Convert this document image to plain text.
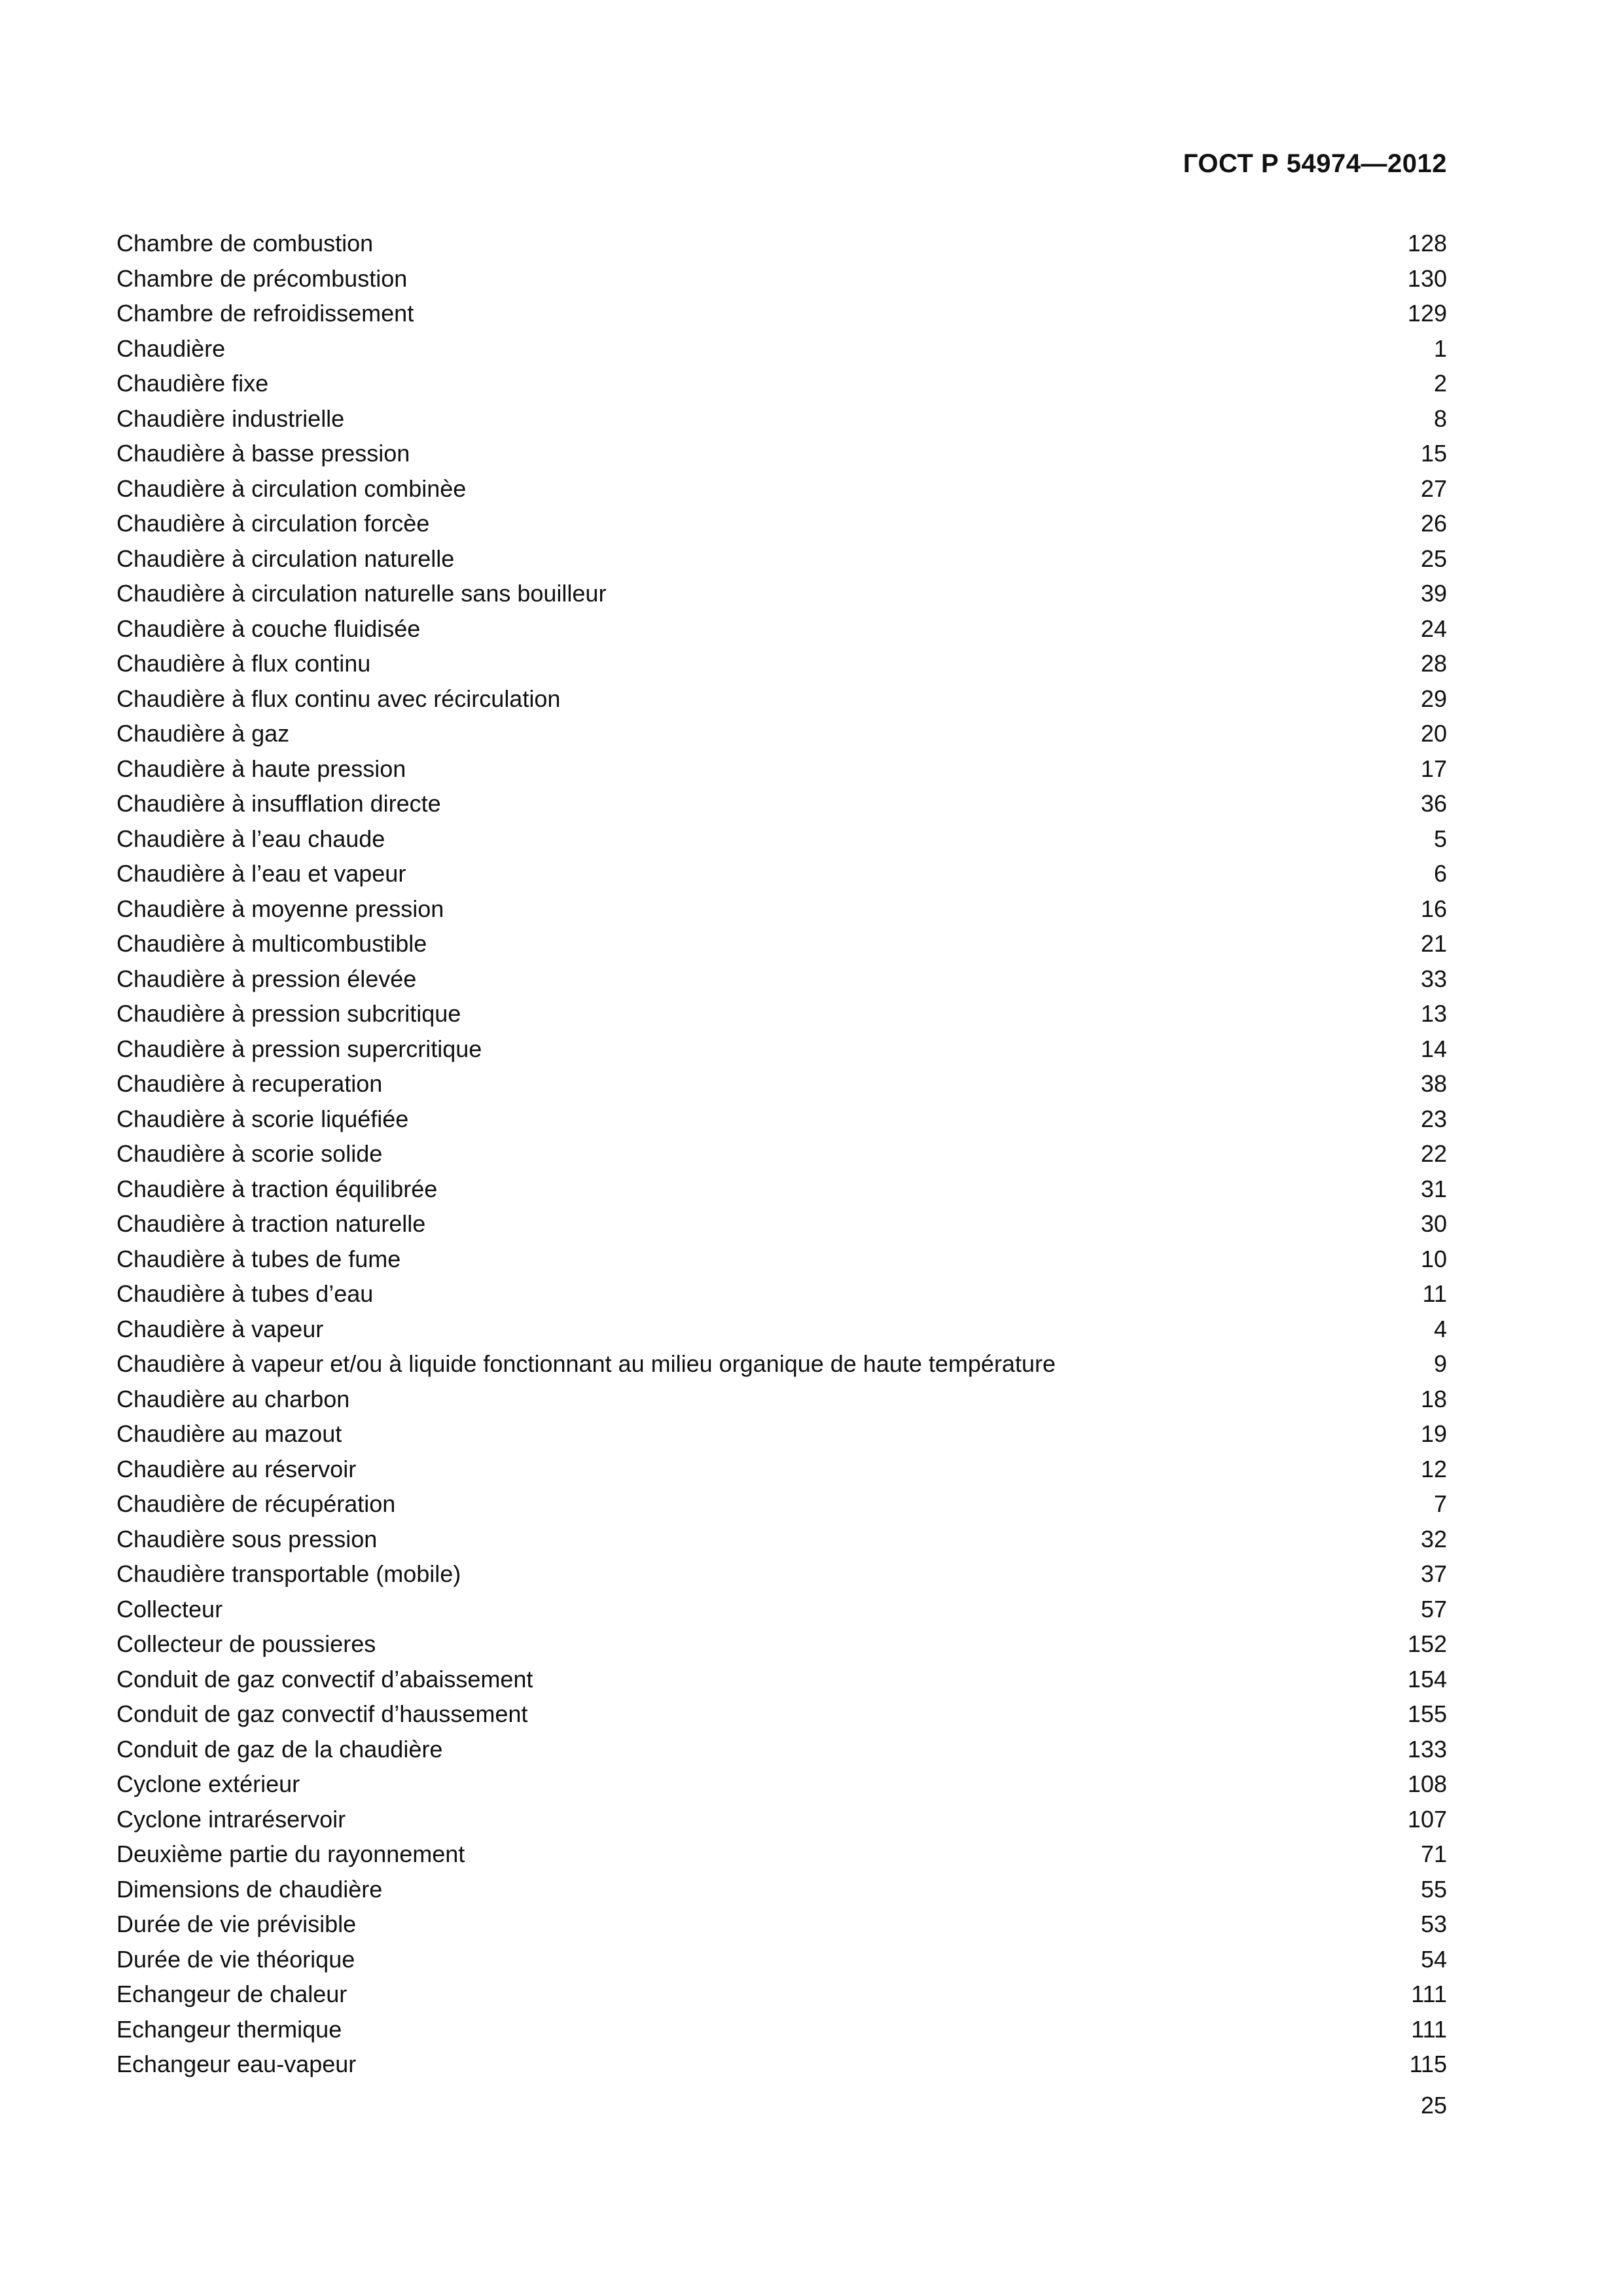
ГОСТ Р 54974—2012
Chambre de combustion	128
Chambre de précombustion	130
Chambre de refroidissement	129
Chaudière	1
Chaudière fixe	2
Chaudière industrielle	8
Chaudière à basse pression	15
Chaudière à circulation combinèe	27
Chaudière à circulation forcèe	26
Chaudière à circulation naturelle	25
Chaudière à circulation naturelle sans bouilleur	39
Chaudière à couche fluidisée	24
Chaudière à flux continu	28
Chaudière à flux continu avec récirculation	29
Chaudière à gaz	20
Chaudière à haute pression	17
Chaudière à insufflation directe	36
Chaudière à l’eau chaude	5
Chaudière à l’eau et vapeur	6
Chaudière à moyenne pression	16
Chaudière à multicombustible	21
Chaudière à pression élevée	33
Chaudière à pression subcritique	13
Chaudière à pression supercritique	14
Chaudière à recuperation	38
Chaudière à scorie liquéfiée	23
Chaudière à scorie solide	22
Chaudière à traction équilibrée	31
Chaudière à traction naturelle	30
Chaudière à tubes de fume	10
Chaudière à tubes d’eau	11
Chaudière à vapeur	4
Chaudière à vapeur et/ou à liquide fonctionnant au milieu organique de haute température	9
Chaudière au charbon	18
Chaudière au mazout	19
Chaudière au réservoir	12
Chaudière de récupération	7
Chaudière sous pression	32
Chaudière transportable (mobile)	37
Collecteur	57
Collecteur de poussieres	152
Conduit de gaz convectif d’abaissement	154
Conduit de gaz convectif d’haussement	155
Conduit de gaz de la chaudière	133
Cyclone extérieur	108
Cyclone intraréservoir	107
Deuxième partie du rayonnement	71
Dimensions de chaudière	55
Durée de vie prévisible	53
Durée de vie théorique	54
Echangeur de chaleur	111
Echangeur thermique	111
Echangeur eau-vapeur	115
25
